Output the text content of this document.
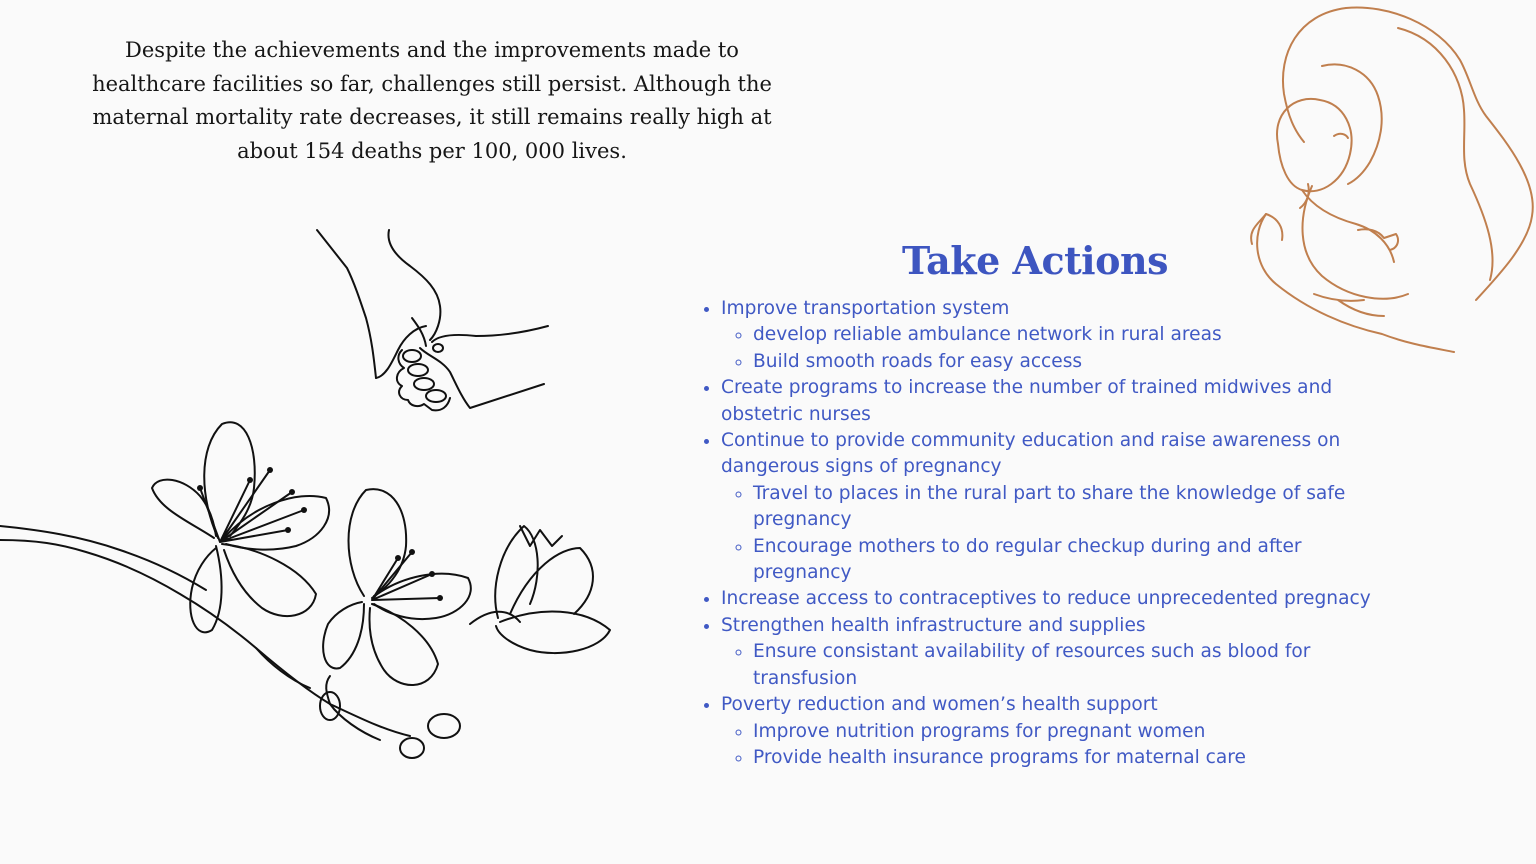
Despite the achievements and the improvements made to healthcare facilities so far, challenges still persist. Although the maternal mortality rate decreases, it still remains really high at about 154 deaths per 100, 000 lives.

Take Actions
• Improve transportation system
◦ develop reliable ambulance network in rural areas
◦ Build smooth roads for easy access
• Create programs to increase the number of trained midwives and obstetric nurses
• Continue to provide community education and raise awareness on dangerous signs of pregnancy
◦ Travel to places in the rural part to share the knowledge of safe pregnancy
◦ Encourage mothers to do regular checkup during and after pregnancy
• Increase access to contraceptives to reduce unprecedented pregnacy
• Strengthen health infrastructure and supplies
◦ Ensure consistant availability of resources such as blood for transfusion
• Poverty reduction and women’s health support
◦ Improve nutrition programs for pregnant women
◦ Provide health insurance programs for maternal care
